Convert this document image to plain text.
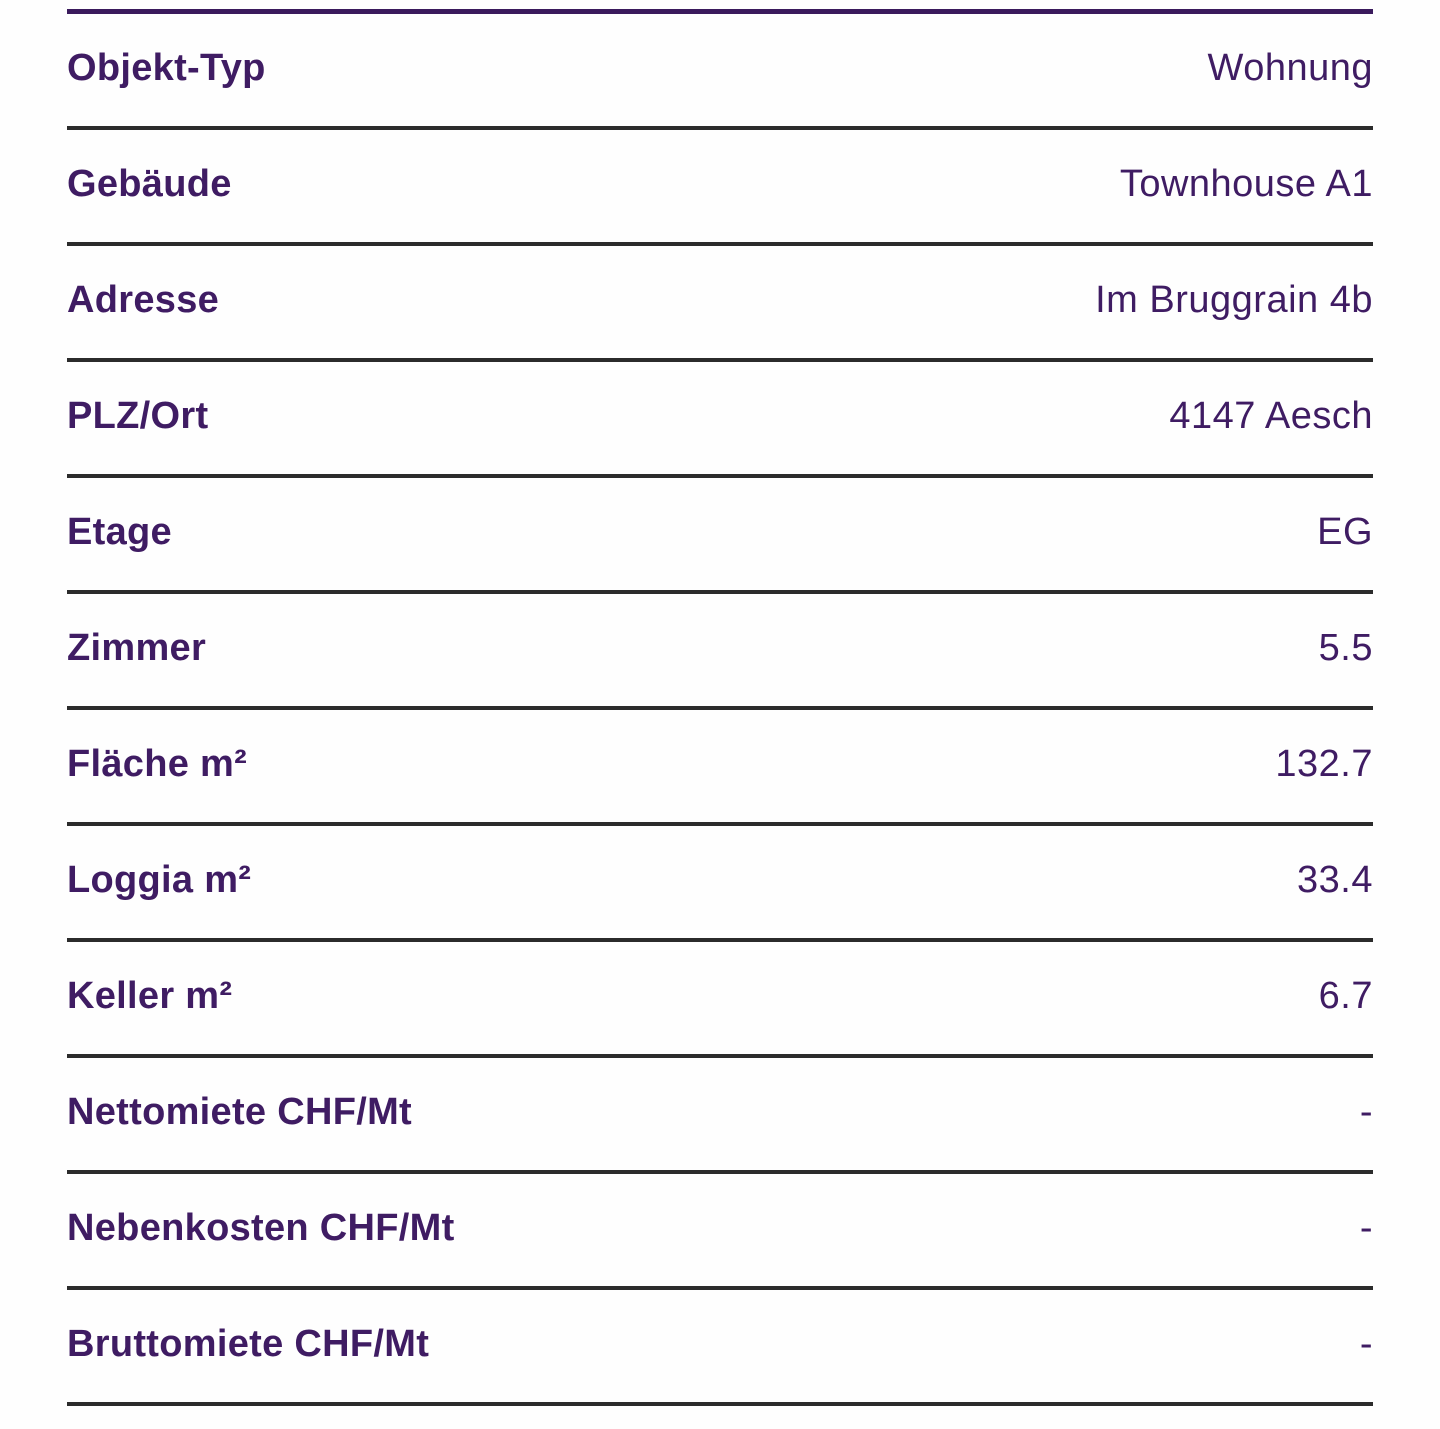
Objekt-Typ	Wohnung
Gebäude	Townhouse A1
Adresse	Im Bruggrain 4b
PLZ/Ort	4147 Aesch
Etage	EG
Zimmer	5.5
Fläche m²	132.7
Loggia m²	33.4
Keller m²	6.7
Nettomiete CHF/Mt	-
Nebenkosten CHF/Mt	-
Bruttomiete CHF/Mt	-
